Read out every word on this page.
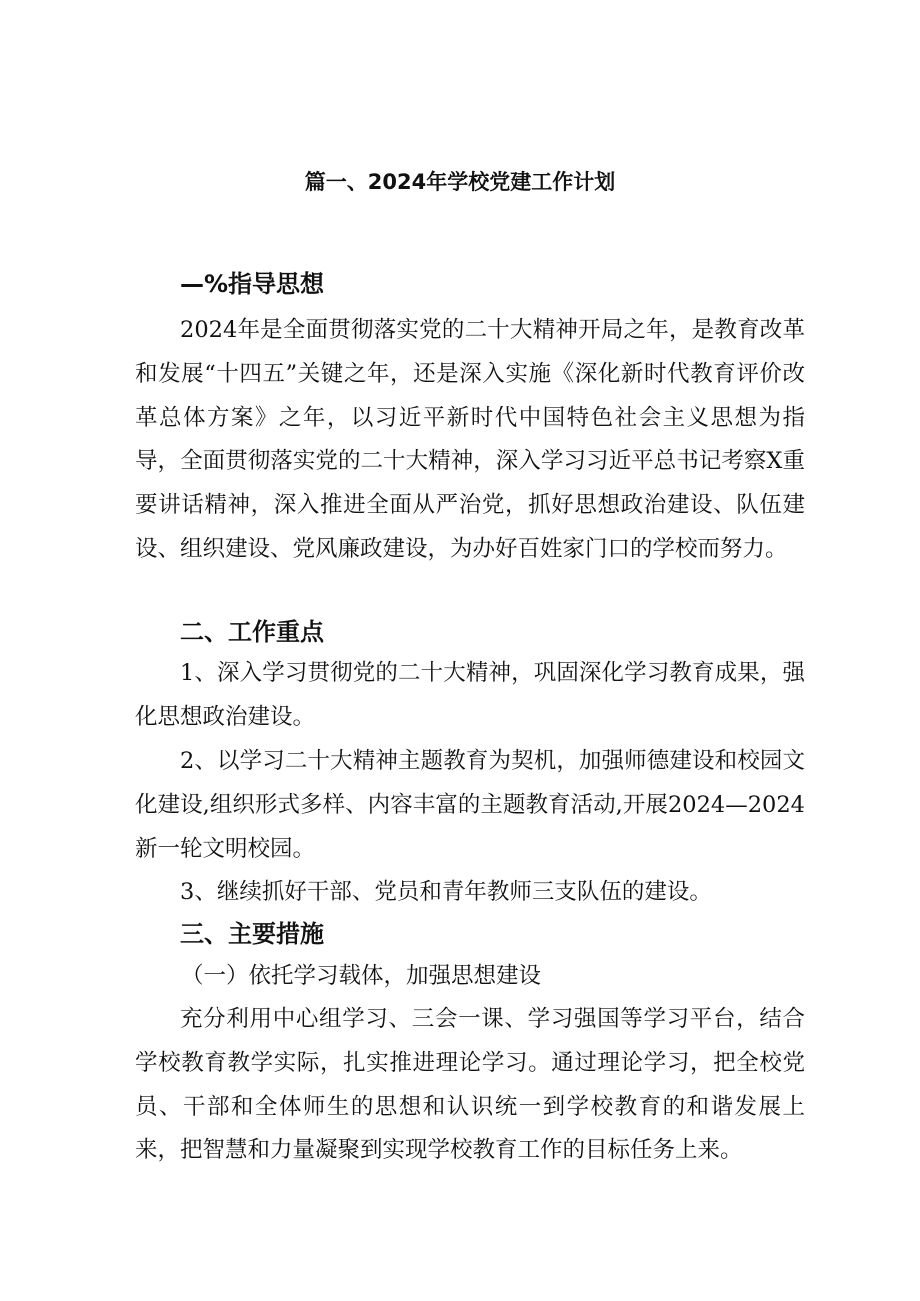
篇一、2024年学校党建工作计划
—%指导思想
2024年是全面贯彻落实党的二十大精神开局之年，是教育改革和发展“十四五”关键之年，还是深入实施《深化新时代教育评价改革总体方案》之年，以习近平新时代中国特色社会主义思想为指导，全面贯彻落实党的二十大精神，深入学习习近平总书记考察X重要讲话精神，深入推进全面从严治党，抓好思想政治建设、队伍建设、组织建设、党风廉政建设，为办好百姓家门口的学校而努力。
二、工作重点
1、深入学习贯彻党的二十大精神，巩固深化学习教育成果，强化思想政治建设。
2、以学习二十大精神主题教育为契机，加强师德建设和校园文化建设,组织形式多样、内容丰富的主题教育活动,开展2024—2024新一轮文明校园。
3、继续抓好干部、党员和青年教师三支队伍的建设。
三、主要措施
（一）依托学习载体，加强思想建设
充分利用中心组学习、三会一课、学习强国等学习平台，结合学校教育教学实际，扎实推进理论学习。通过理论学习，把全校党员、干部和全体师生的思想和认识统一到学校教育的和谐发展上来，把智慧和力量凝聚到实现学校教育工作的目标任务上来。
